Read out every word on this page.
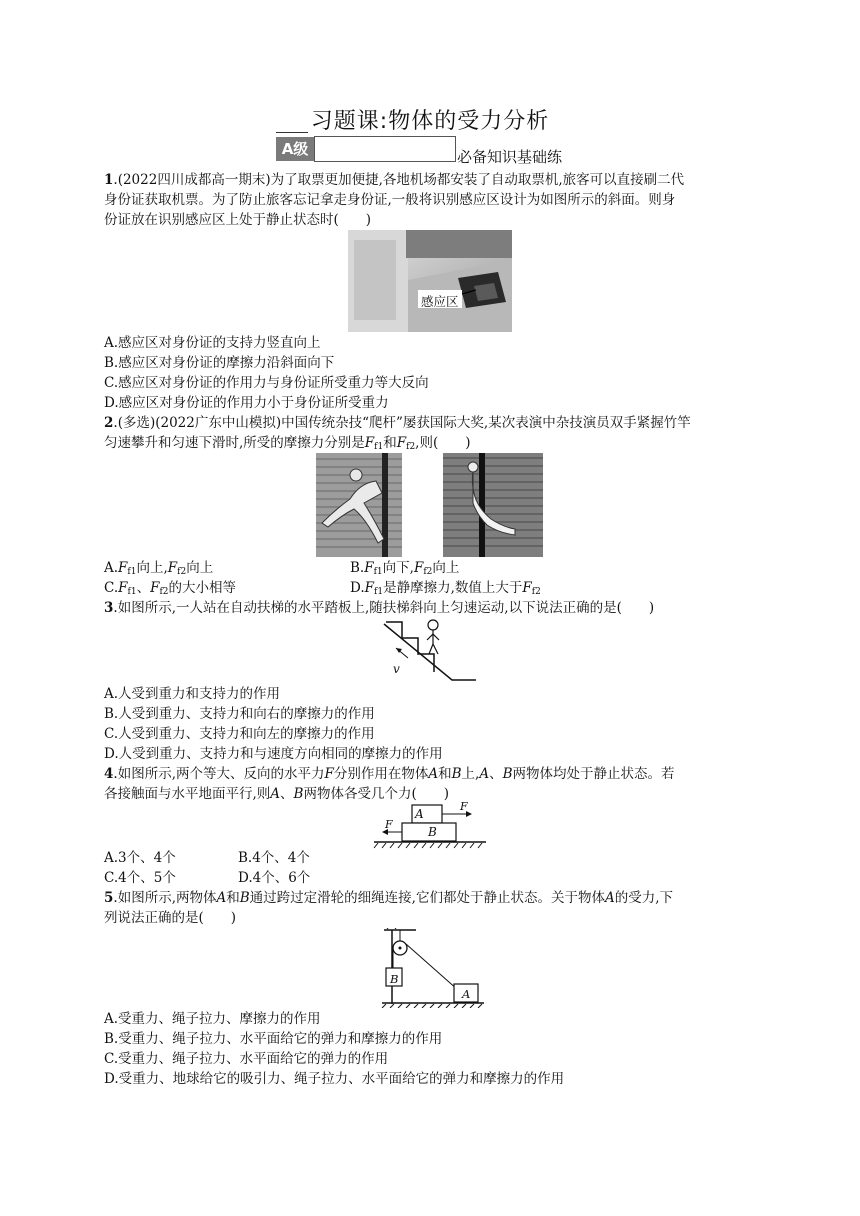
习题课:物体的受力分析
A级	必备知识基础练
1.(2022四川成都高一期末)为了取票更加便捷,各地机场都安装了自动取票机,旅客可以直接刷二代
身份证获取机票。为了防止旅客忘记拿走身份证,一般将识别感应区设计为如图所示的斜面。则身
份证放在识别感应区上处于静止状态时(　　)
感应区
A.感应区对身份证的支持力竖直向上
B.感应区对身份证的摩擦力沿斜面向下
C.感应区对身份证的作用力与身份证所受重力等大反向
D.感应区对身份证的作用力小于身份证所受重力
2.(多选)(2022广东中山模拟)中国传统杂技“爬杆”屡获国际大奖,某次表演中杂技演员双手紧握竹竿
匀速攀升和匀速下滑时,所受的摩擦力分别是$F_{f1}$和$F_{f2}$,则(　　)
$A.F_{f1}$向上$,F_{f2}$向上	$B.F_{f1}$向下$,F_{f2}$向上
$C.F_{f1}$、$F_{f2}$的大小相等	$D.F_{f1}$是静摩擦力,数值上大于$F_{f2}$
3.如图所示,一人站在自动扶梯的水平踏板上,随扶梯斜向上匀速运动,以下说法正确的是(　　)
v
A.人受到重力和支持力的作用
B.人受到重力、支持力和向右的摩擦力的作用
C.人受到重力、支持力和向左的摩擦力的作用
D.人受到重力、支持力和与速度方向相同的摩擦力的作用
4.如图所示,两个等大、反向的水平力F分别作用在物体A和B上,A、B两物体均处于静止状态。若
各接触面与水平地面平行,则A、B两物体各受几个力(　　)
A
B
F
F
A.3个、4个	B.4个、4个
C.4个、5个	D.4个、6个
5.如图所示,两物体A和B通过跨过定滑轮的细绳连接,它们都处于静止状态。关于物体A的受力,下
列说法正确的是(　　)
B
A
A.受重力、绳子拉力、摩擦力的作用
B.受重力、绳子拉力、水平面给它的弹力和摩擦力的作用
C.受重力、绳子拉力、水平面给它的弹力的作用
D.受重力、地球给它的吸引力、绳子拉力、水平面给它的弹力和摩擦力的作用
